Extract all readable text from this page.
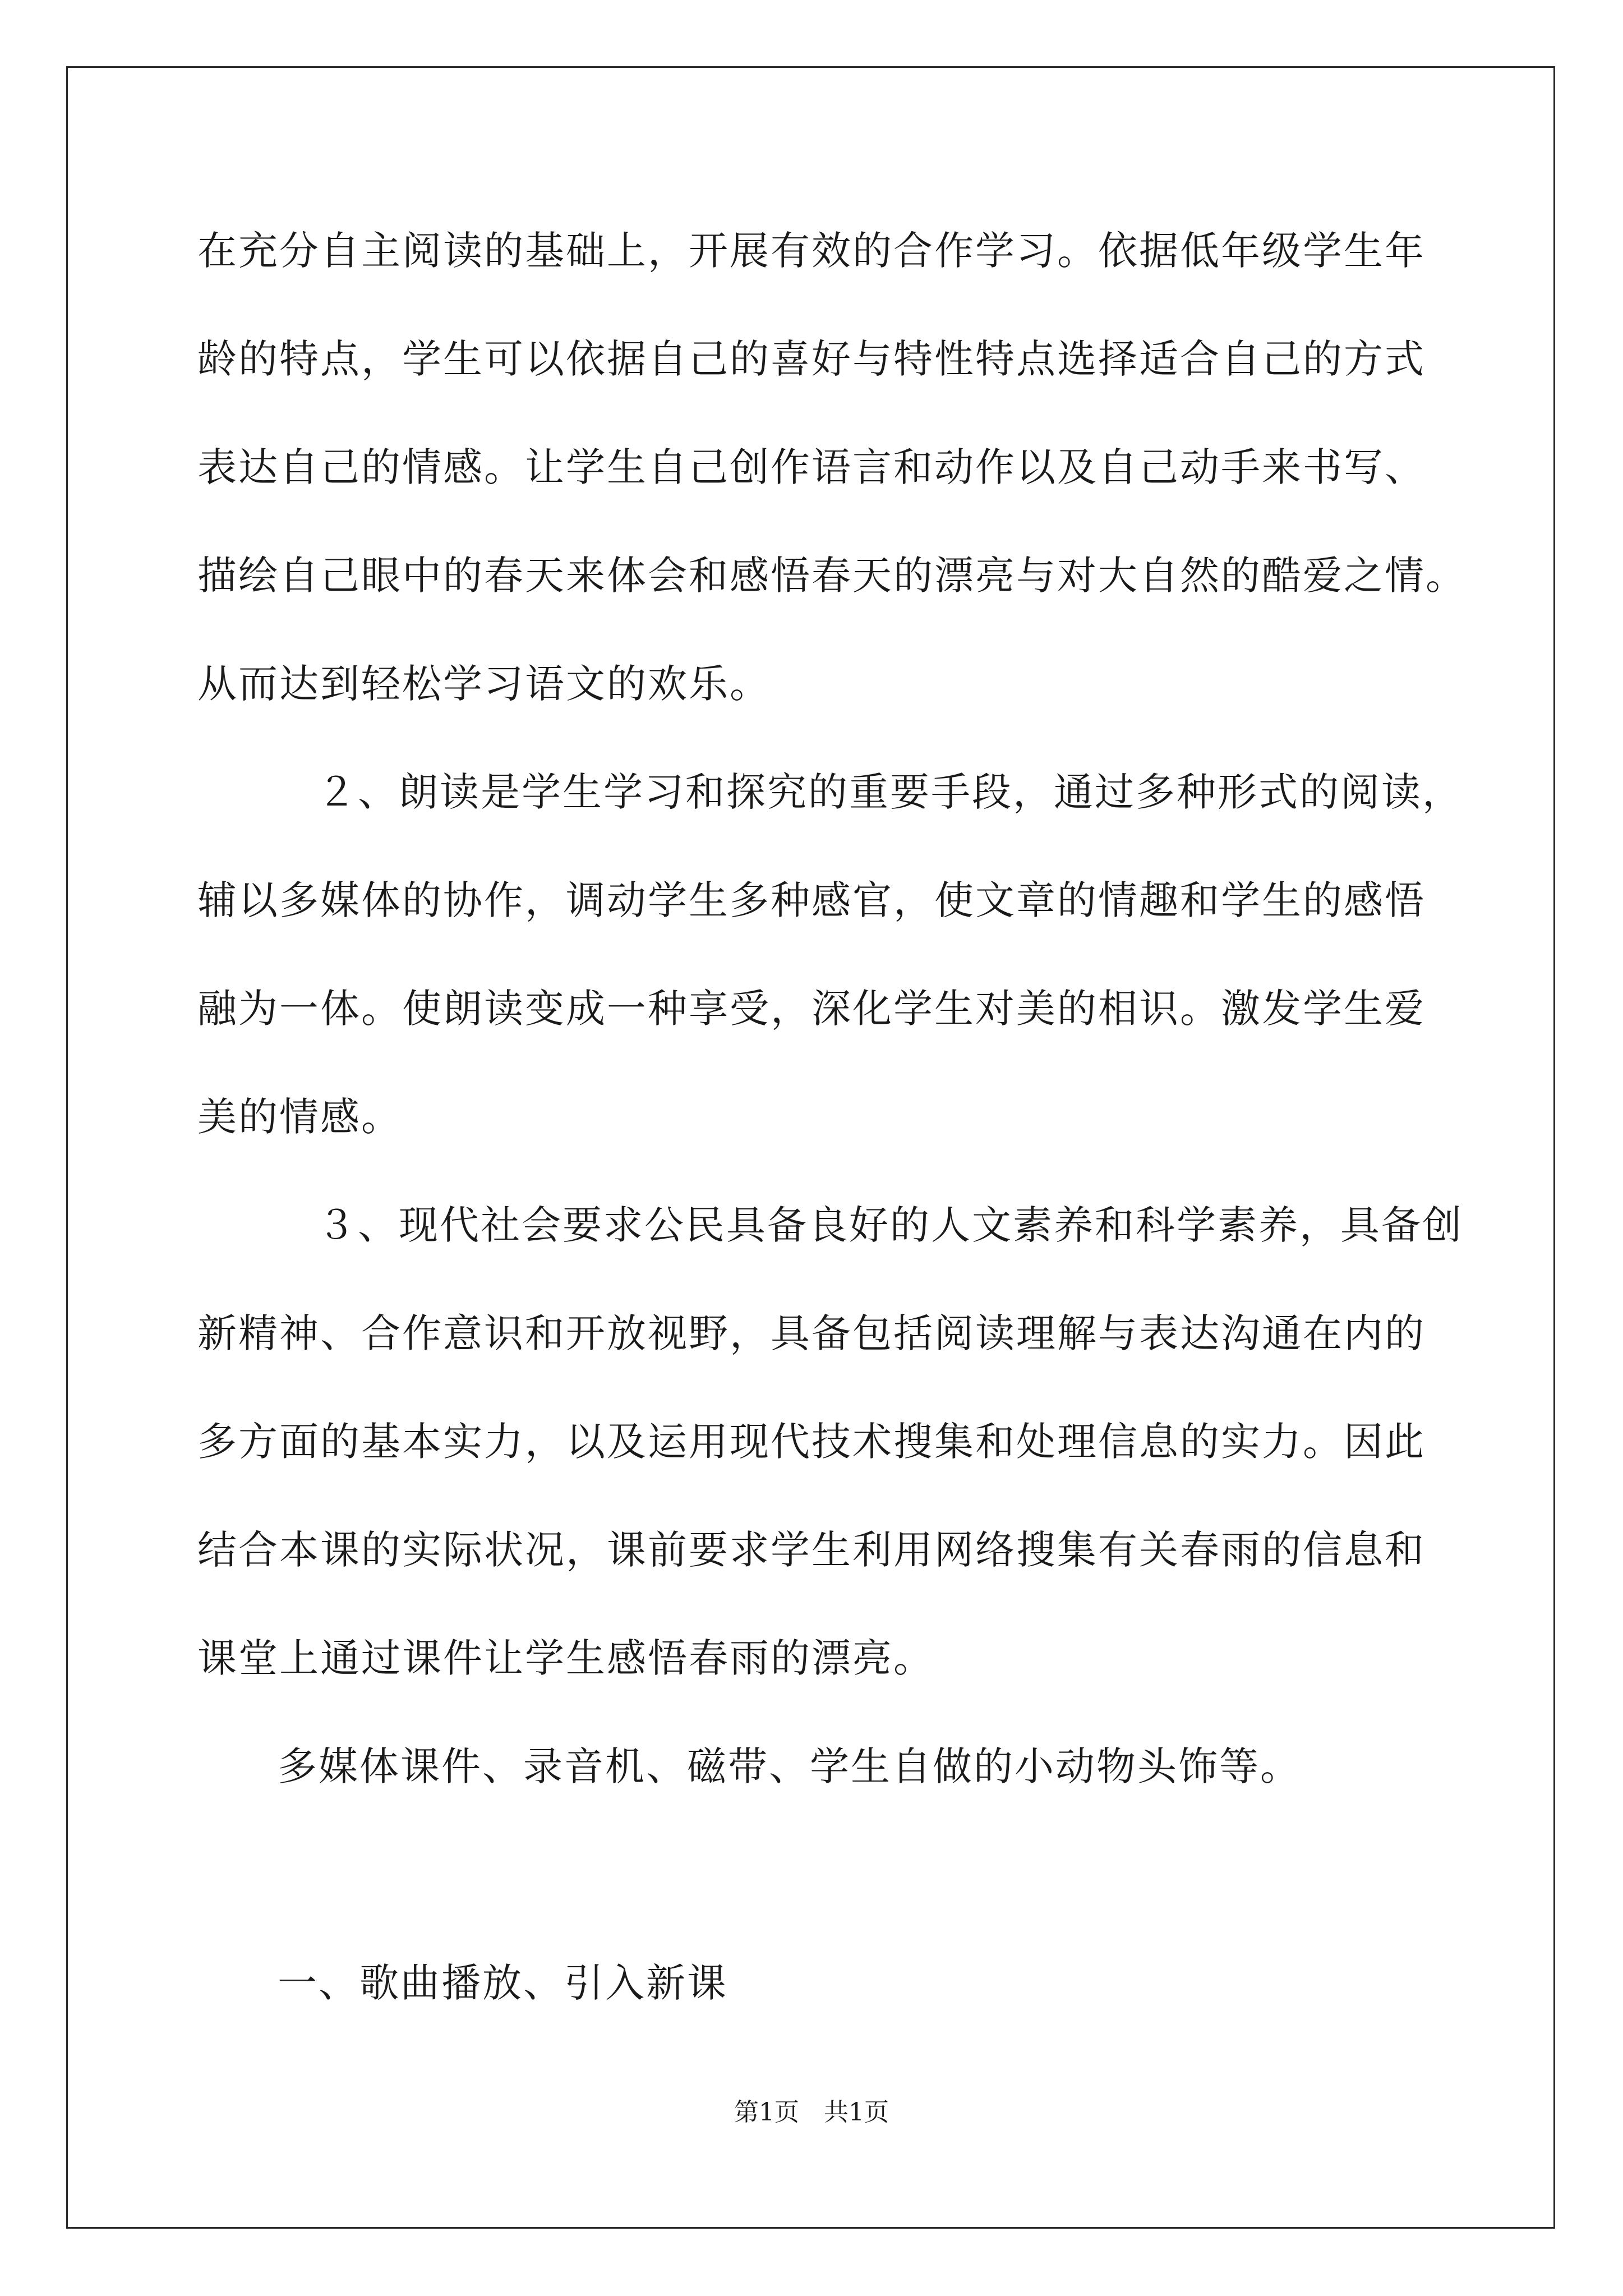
在充分自主阅读的基础上，开展有效的合作学习。依据低年级学生年
龄的特点，学生可以依据自己的喜好与特性特点选择适合自己的方式
表达自己的情感。让学生自己创作语言和动作以及自己动手来书写、
描绘自己眼中的春天来体会和感悟春天的漂亮与对大自然的酷爱之情。
从而达到轻松学习语文的欢乐。
　２、朗读是学生学习和探究的重要手段，通过多种形式的阅读，
辅以多媒体的协作，调动学生多种感官，使文章的情趣和学生的感悟
融为一体。使朗读变成一种享受，深化学生对美的相识。激发学生爱
美的情感。
　３、现代社会要求公民具备良好的人文素养和科学素养，具备创
新精神、合作意识和开放视野，具备包括阅读理解与表达沟通在内的
多方面的基本实力，以及运用现代技术搜集和处理信息的实力。因此
结合本课的实际状况，课前要求学生利用网络搜集有关春雨的信息和
课堂上通过课件让学生感悟春雨的漂亮。
　多媒体课件、录音机、磁带、学生自做的小动物头饰等。
　一、歌曲播放、引入新课
第1页　共1页
